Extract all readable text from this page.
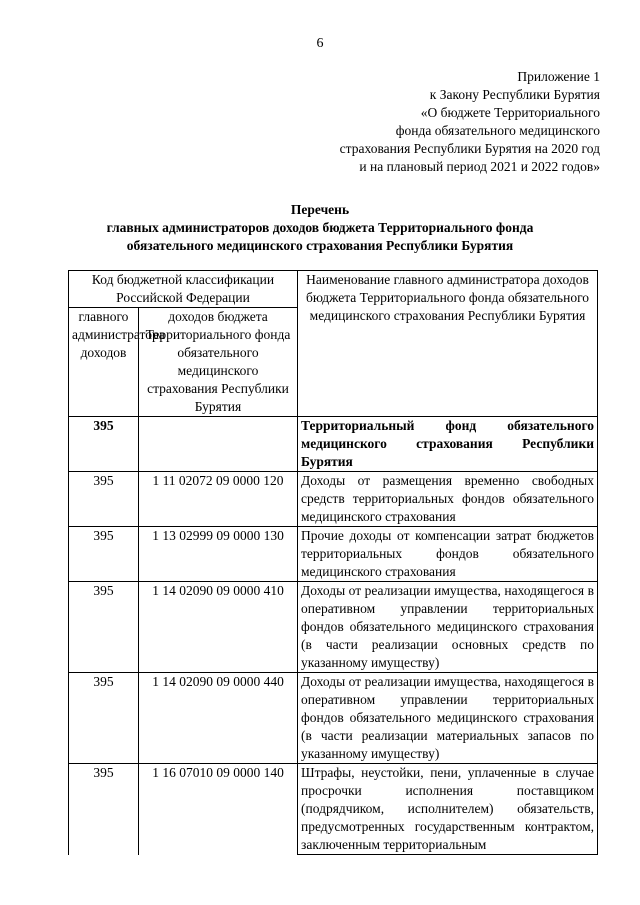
6
Приложение 1
к Закону Республики Бурятия
«О бюджете Территориального
фонда обязательного медицинского
страхования Республики Бурятия на 2020 год
и на плановый период 2021 и 2022 годов»
Перечень
главных администраторов доходов бюджета Территориального фонда
обязательного медицинского страхования Республики Бурятия
Код бюджетной классификации Российской Федерации		Наименование главного администратора доходов бюджета Территориального фонда обязательного медицинского страхования Республики Бурятия
главного администратора доходов	доходов бюджета Территориального фонда обязательного медицинского страхования Республики Бурятия	
395		Территориальный фонд обязательного медицинского страхования Республики Бурятия
395	1 11 02072 09 0000 120	Доходы от размещения временно свободных средств территориальных фондов обязательного медицинского страхования
395	1 13 02999 09 0000 130	Прочие доходы от компенсации затрат бюджетов территориальных фондов обязательного медицинского страхования
395	1 14 02090 09 0000 410	Доходы от реализации имущества, находящегося в оперативном управлении территориальных фондов обязательного медицинского страхования (в части реализации основных средств по указанному имуществу)
395	1 14 02090 09 0000 440	Доходы от реализации имущества, находящегося в оперативном управлении территориальных фондов обязательного медицинского страхования (в части реализации материальных запасов по указанному имуществу)
395	1 16 07010 09 0000 140	Штрафы, неустойки, пени, уплаченные в случае просрочки исполнения поставщиком (подрядчиком, исполнителем) обязательств, предусмотренных государственным контрактом, заключенным территориальным
